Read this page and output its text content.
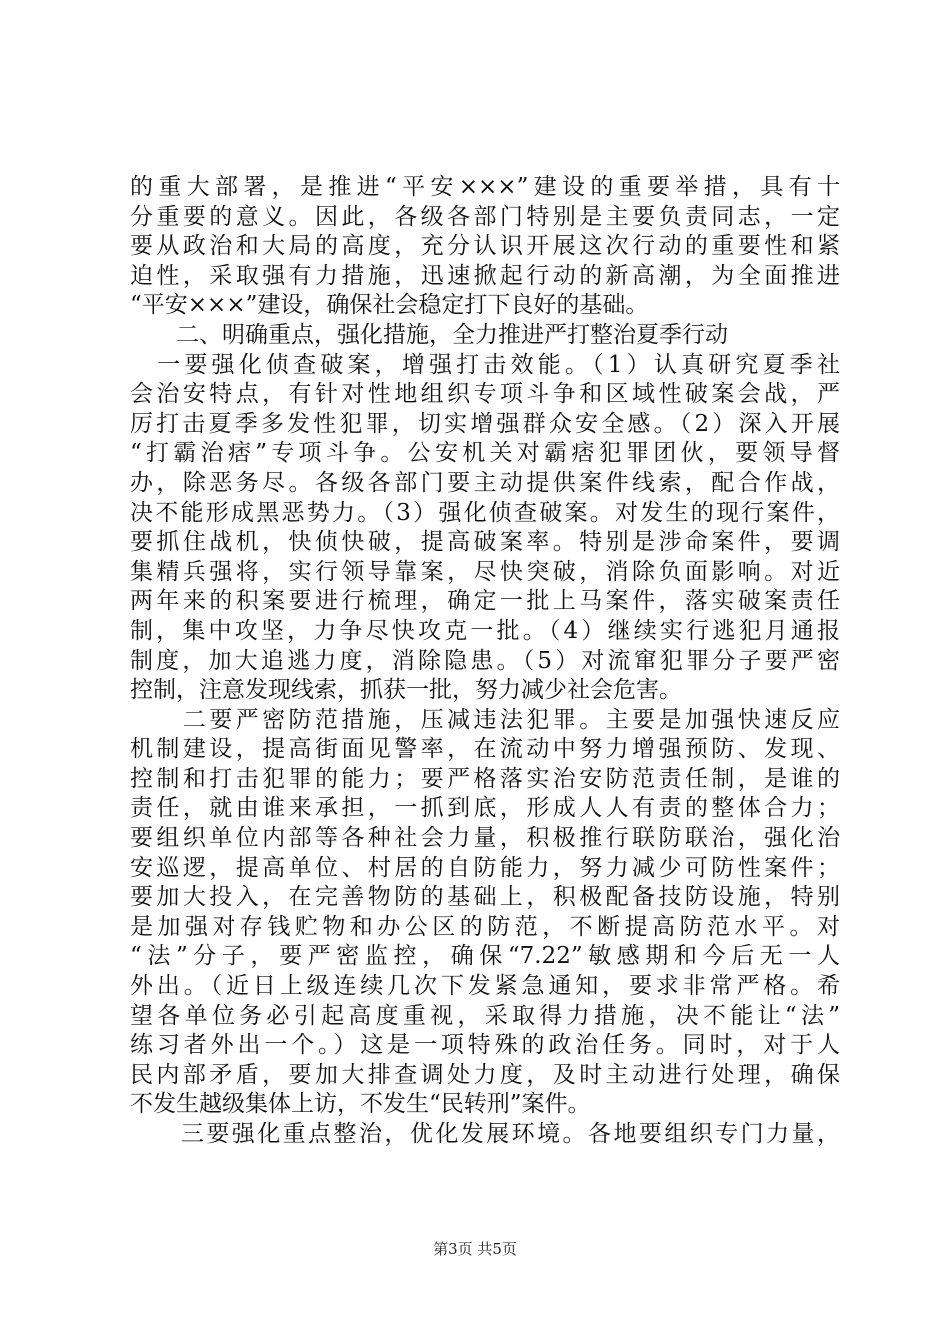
的重大部署，是推进“平安×××”建设的重要举措，具有十
分重要的意义。因此，各级各部门特别是主要负责同志，一定
要从政治和大局的高度，充分认识开展这次行动的重要性和紧
迫性，采取强有力措施，迅速掀起行动的新高潮，为全面推进
“平安×××”建设，确保社会稳定打下良好的基础。
　　二、明确重点，强化措施，全力推进严打整治夏季行动
　一要强化侦查破案，增强打击效能。（1）认真研究夏季社
会治安特点，有针对性地组织专项斗争和区域性破案会战，严
厉打击夏季多发性犯罪，切实增强群众安全感。（2）深入开展
“打霸治痞”专项斗争。公安机关对霸痞犯罪团伙，要领导督
办，除恶务尽。各级各部门要主动提供案件线索，配合作战，
决不能形成黑恶势力。（3）强化侦查破案。对发生的现行案件，
要抓住战机，快侦快破，提高破案率。特别是涉命案件，要调
集精兵强将，实行领导靠案，尽快突破，消除负面影响。对近
两年来的积案要进行梳理，确定一批上马案件，落实破案责任
制，集中攻坚，力争尽快攻克一批。（4）继续实行逃犯月通报
制度，加大追逃力度，消除隐患。（5）对流窜犯罪分子要严密
控制，注意发现线索，抓获一批，努力减少社会危害。
　　二要严密防范措施，压减违法犯罪。主要是加强快速反应
机制建设，提高街面见警率，在流动中努力增强预防、发现、
控制和打击犯罪的能力；要严格落实治安防范责任制，是谁的
责任，就由谁来承担，一抓到底，形成人人有责的整体合力；
要组织单位内部等各种社会力量，积极推行联防联治，强化治
安巡逻，提高单位、村居的自防能力，努力减少可防性案件；
要加大投入，在完善物防的基础上，积极配备技防设施，特别
是加强对存钱贮物和办公区的防范，不断提高防范水平。对
“法”分子，要严密监控，确保“7.22”敏感期和今后无一人
外出。（近日上级连续几次下发紧急通知，要求非常严格。希
望各单位务必引起高度重视，采取得力措施，决不能让“法”
练习者外出一个。）这是一项特殊的政治任务。同时，对于人
民内部矛盾，要加大排查调处力度，及时主动进行处理，确保
不发生越级集体上访，不发生“民转刑”案件。
　　三要强化重点整治，优化发展环境。各地要组织专门力量，
第3页 共5页
